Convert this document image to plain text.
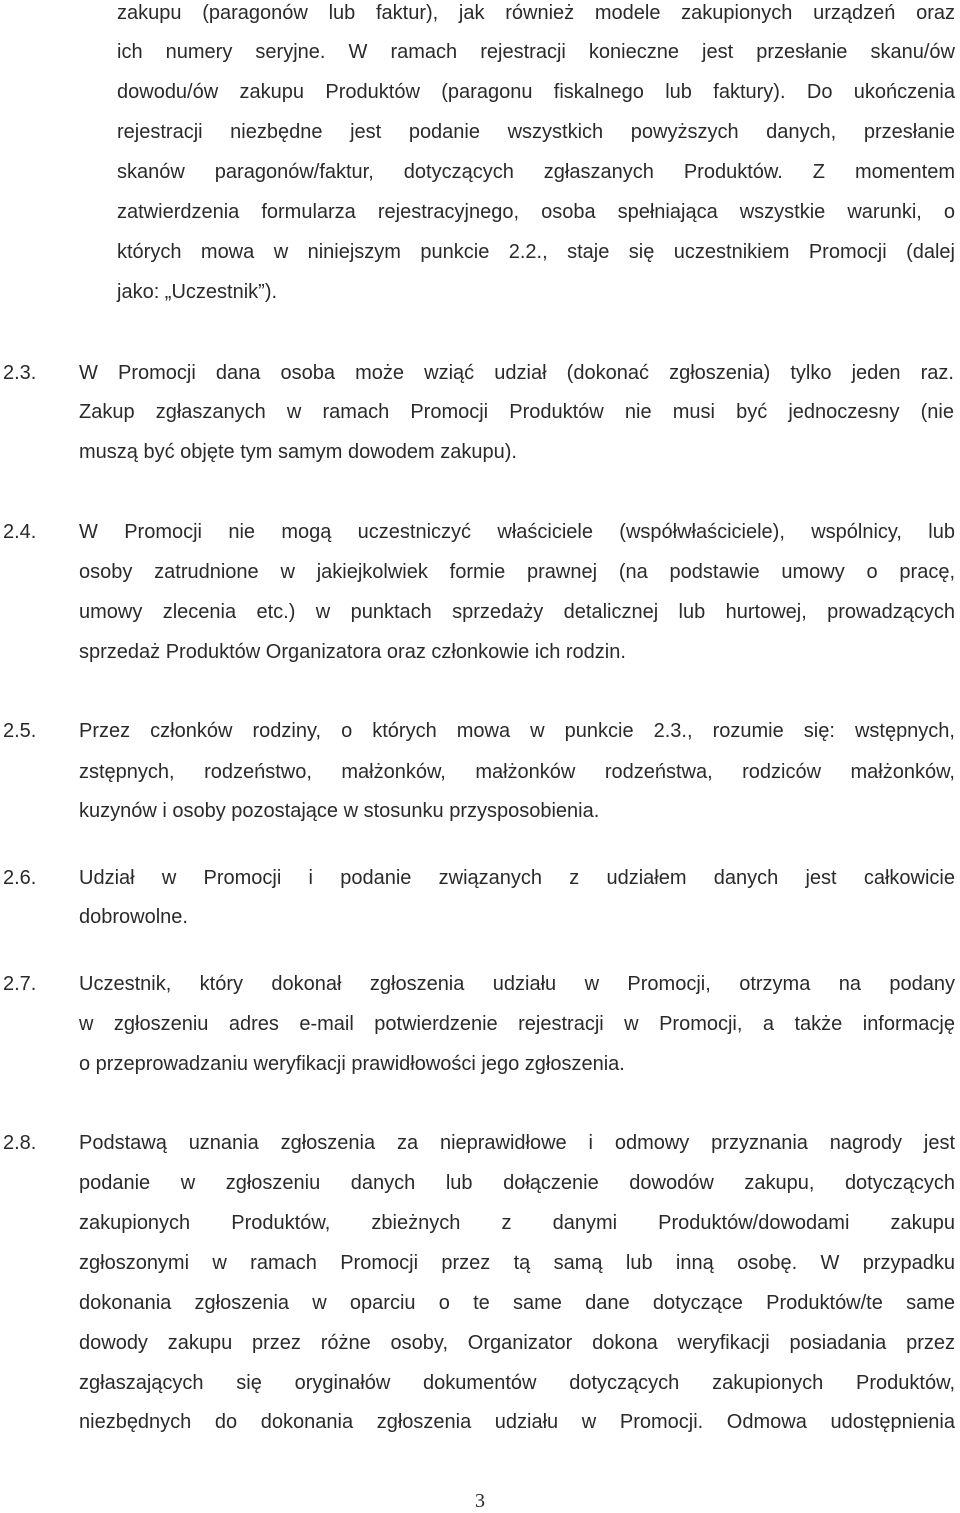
zakupu (paragonów lub faktur), jak również modele zakupionych urządzeń oraz

ich numery seryjne. W ramach rejestracji konieczne jest przesłanie skanu/ów

dowodu/ów zakupu Produktów (paragonu fiskalnego lub faktury). Do ukończenia

rejestracji niezbędne jest podanie wszystkich powyższych danych, przesłanie

skanów paragonów/faktur, dotyczących zgłaszanych Produktów. Z momentem

zatwierdzenia formularza rejestracyjnego, osoba spełniająca wszystkie warunki, o

których mowa w niniejszym punkcie 2.2., staje się uczestnikiem Promocji (dalej

jako: „Uczestnik”).

2.3. W Promocji dana osoba może wziąć udział (dokonać zgłoszenia) tylko jeden raz.

Zakup zgłaszanych w ramach Promocji Produktów nie musi być jednoczesny (nie

muszą być objęte tym samym dowodem zakupu).

2.4. W Promocji nie mogą uczestniczyć właściciele (współwłaściciele), wspólnicy, lub

osoby zatrudnione w jakiejkolwiek formie prawnej (na podstawie umowy o pracę,

umowy zlecenia etc.) w punktach sprzedaży detalicznej lub hurtowej, prowadzących

sprzedaż Produktów Organizatora oraz członkowie ich rodzin.

2.5. Przez członków rodziny, o których mowa w punkcie 2.3., rozumie się: wstępnych,

zstępnych, rodzeństwo, małżonków, małżonków rodzeństwa, rodziców małżonków,

kuzynów i osoby pozostające w stosunku przysposobienia.

2.6. Udział w Promocji i podanie związanych z udziałem danych jest całkowicie

dobrowolne.

2.7. Uczestnik, który dokonał zgłoszenia udziału w Promocji, otrzyma na podany

w zgłoszeniu adres e-mail potwierdzenie rejestracji w Promocji, a także informację

o przeprowadzaniu weryfikacji prawidłowości jego zgłoszenia.

2.8. Podstawą uznania zgłoszenia za nieprawidłowe i odmowy przyznania nagrody jest

podanie w zgłoszeniu danych lub dołączenie dowodów zakupu, dotyczących

zakupionych Produktów, zbieżnych z danymi Produktów/dowodami zakupu

zgłoszonymi w ramach Promocji przez tą samą lub inną osobę. W przypadku

dokonania zgłoszenia w oparciu o te same dane dotyczące Produktów/te same

dowody zakupu przez różne osoby, Organizator dokona weryfikacji posiadania przez

zgłaszających się oryginałów dokumentów dotyczących zakupionych Produktów,

niezbędnych do dokonania zgłoszenia udziału w Promocji. Odmowa udostępnienia

3
